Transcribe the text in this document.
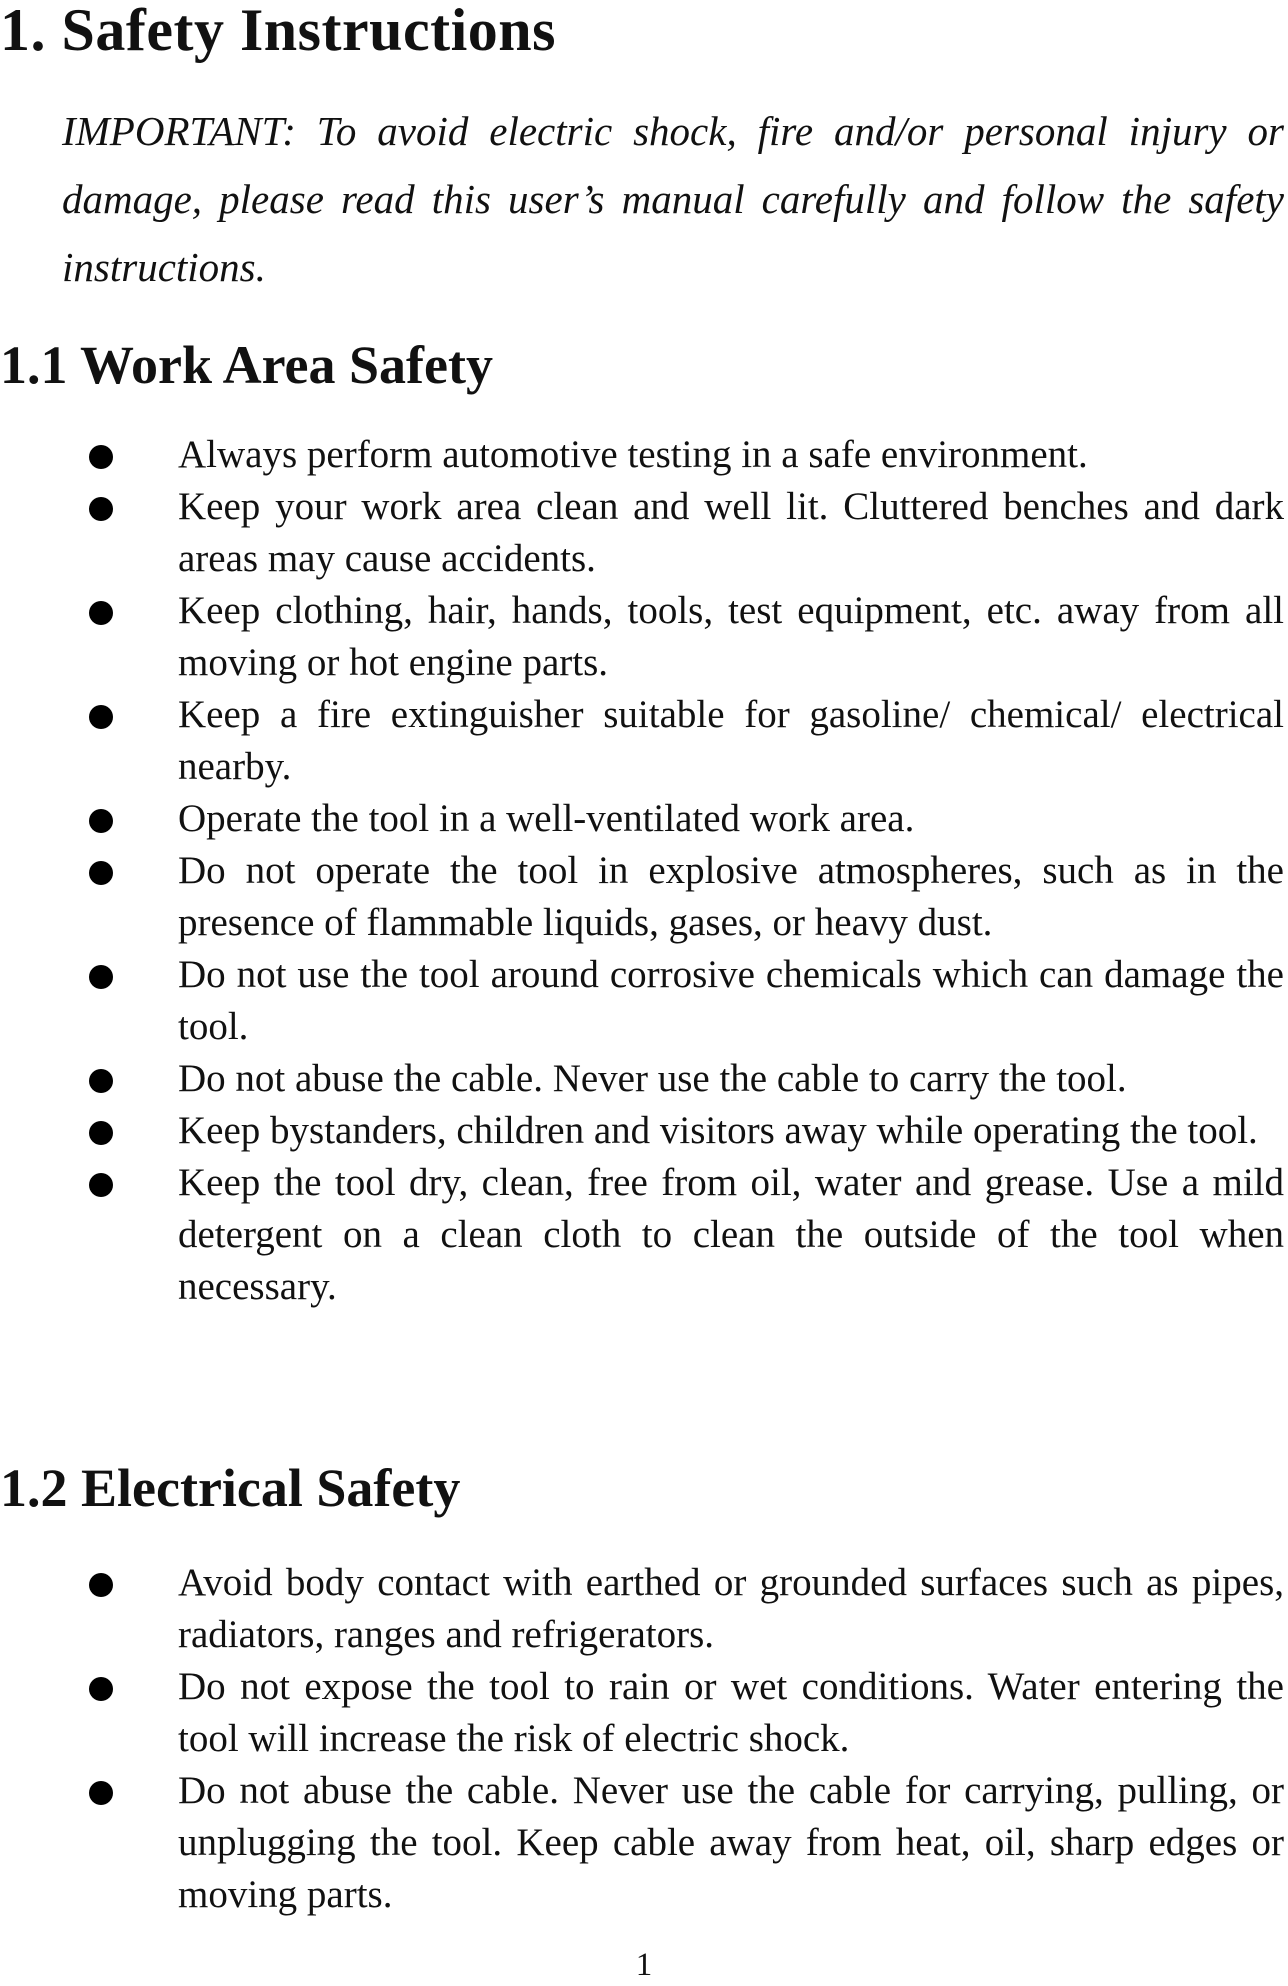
1. Safety Instructions

IMPORTANT: To avoid electric shock, fire and/or personal injury or damage, please read this user’s manual carefully and follow the safety instructions.

1.1 Work Area Safety
Always perform automotive testing in a safe environment.
Keep your work area clean and well lit. Cluttered benches and dark areas may cause accidents.
Keep clothing, hair, hands, tools, test equipment, etc. away from all moving or hot engine parts.
Keep a fire extinguisher suitable for gasoline/ chemical/ electrical nearby.
Operate the tool in a well-ventilated work area.
Do not operate the tool in explosive atmospheres, such as in the presence of flammable liquids, gases, or heavy dust.
Do not use the tool around corrosive chemicals which can damage the tool.
Do not abuse the cable. Never use the cable to carry the tool.
Keep bystanders, children and visitors away while operating the tool.
Keep the tool dry, clean, free from oil, water and grease. Use a mild detergent on a clean cloth to clean the outside of the tool when necessary.
1.2 Electrical Safety
Avoid body contact with earthed or grounded surfaces such as pipes, radiators, ranges and refrigerators.
Do not expose the tool to rain or wet conditions. Water entering the tool will increase the risk of electric shock.
Do not abuse the cable. Never use the cable for carrying, pulling, or unplugging the tool. Keep cable away from heat, oil, sharp edges or moving parts.
1
